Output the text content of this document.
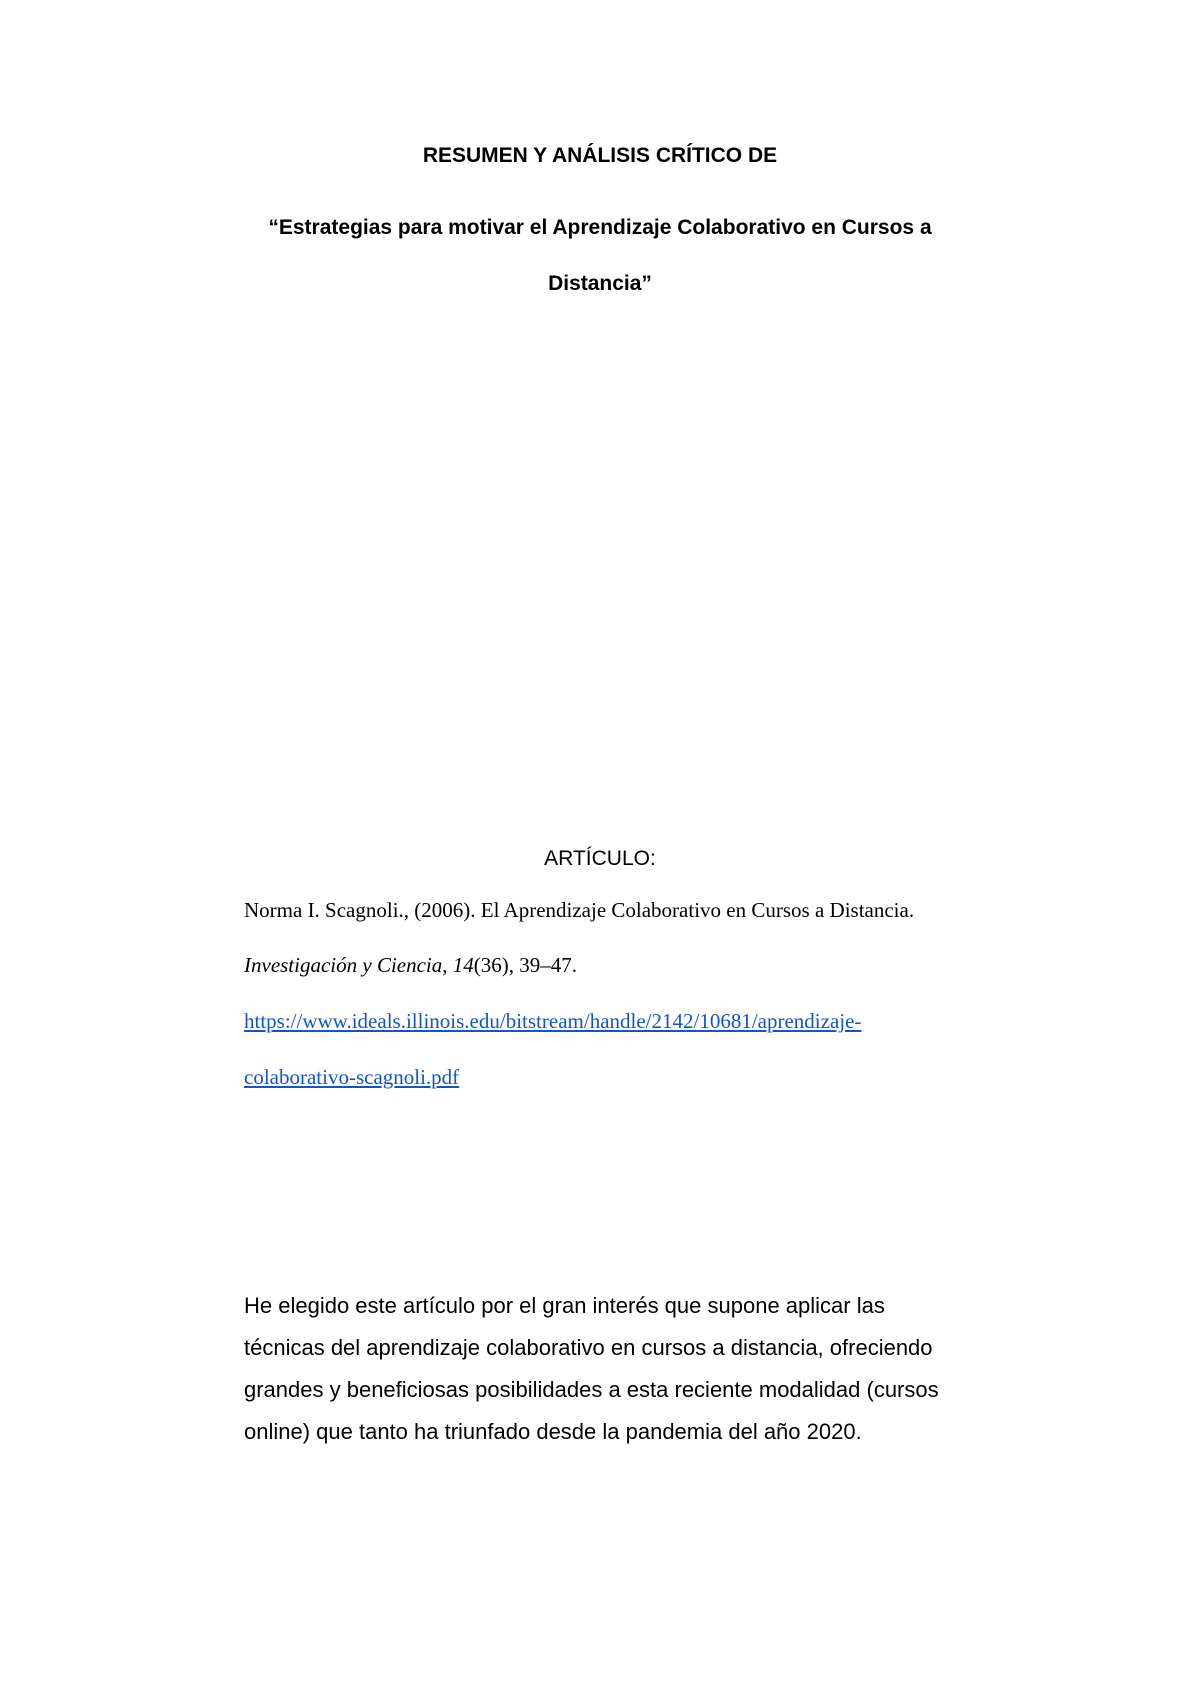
RESUMEN Y ANÁLISIS CRÍTICO DE
“Estrategias para motivar el Aprendizaje Colaborativo en Cursos a
Distancia”

ARTÍCULO:

Norma I. Scagnoli., (2006). El Aprendizaje Colaborativo en Cursos a Distancia.

Investigación y Ciencia, 14(36), 39–47.

https://www.ideals.illinois.edu/bitstream/handle/2142/10681/aprendizaje-

colaborativo-scagnoli.pdf

He elegido este artículo por el gran interés que supone aplicar las
técnicas del aprendizaje colaborativo en cursos a distancia, ofreciendo
grandes y beneficiosas posibilidades a esta reciente modalidad (cursos
online) que tanto ha triunfado desde la pandemia del año 2020.
